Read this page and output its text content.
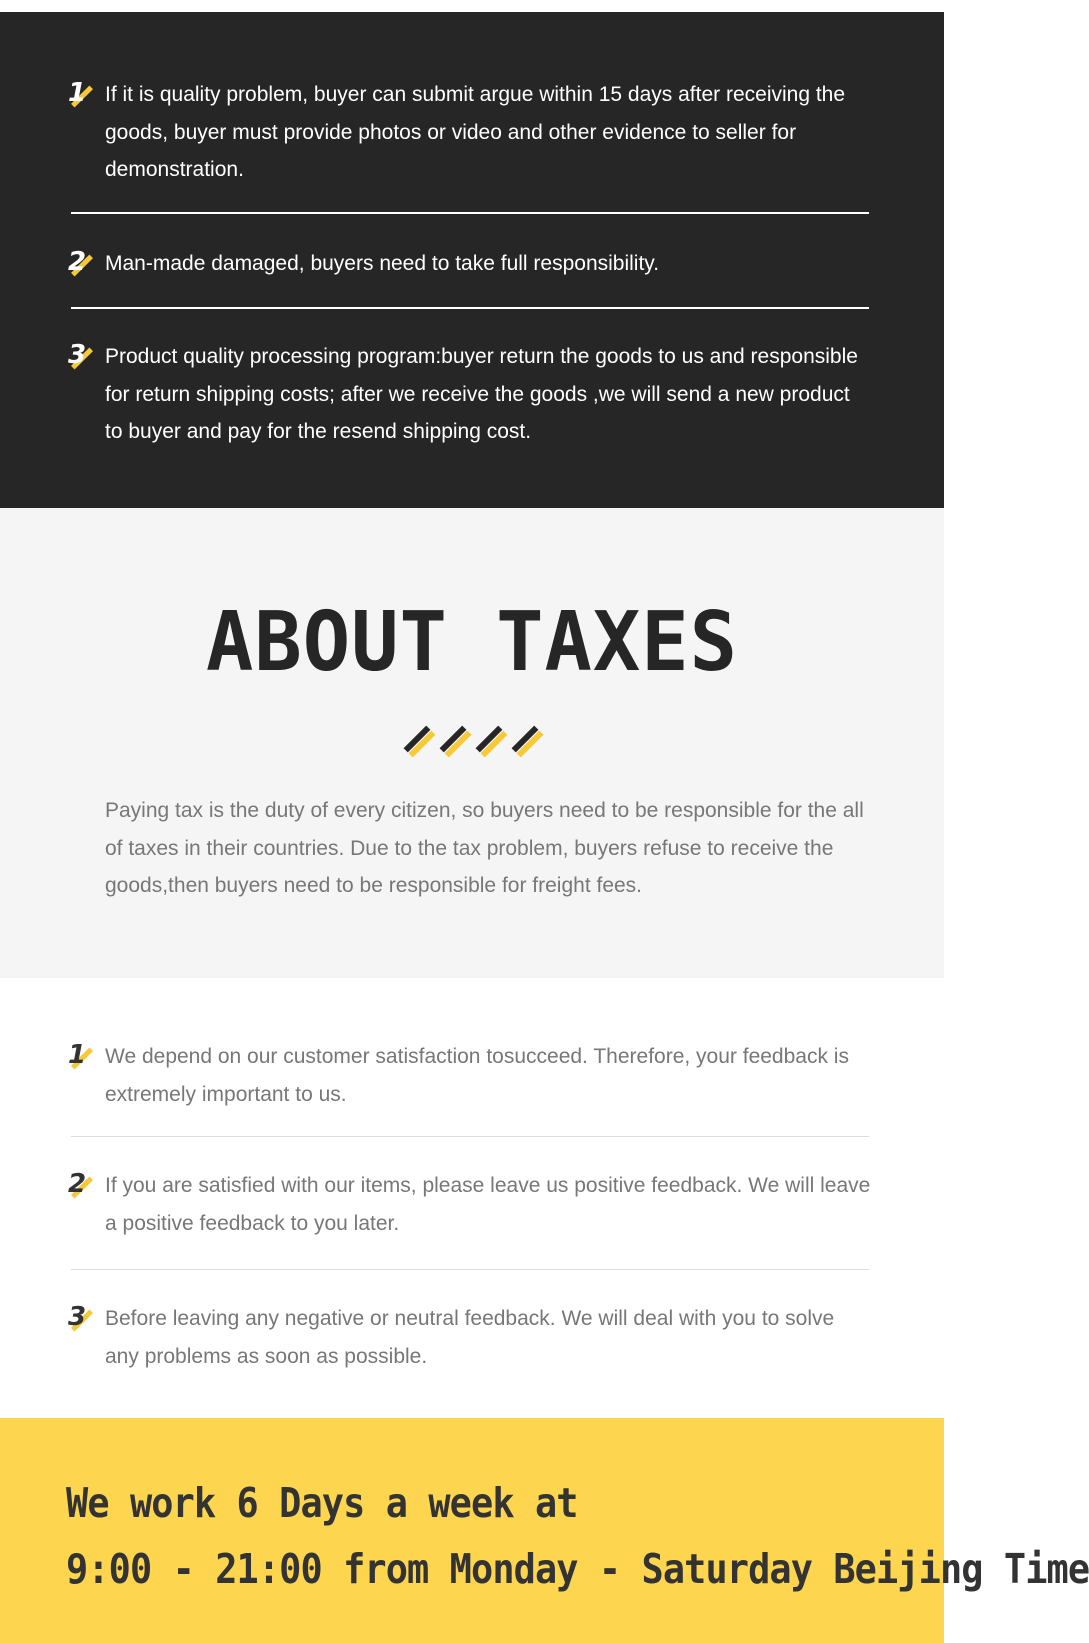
1 If it is quality problem, buyer can submit argue within 15 days after receiving the goods, buyer must provide photos or video and other evidence to seller for demonstration.

2 Man-made damaged, buyers need to take full responsibility.

3 Product quality processing program:buyer return the goods to us and responsible for return shipping costs; after we receive the goods ,we will send a new product to buyer and pay for the resend shipping cost.

ABOUT TAXES
Paying tax is the duty of every citizen, so buyers need to be responsible for the all of taxes in their countries. Due to the tax problem, buyers refuse to receive the goods,then buyers need to be responsible for freight fees.
1 We depend on our customer satisfaction tosucceed. Therefore, your feedback is extremely important to us.

2 If you are satisfied with our items, please leave us positive feedback. We will leave a positive feedback to you later.

3 Before leaving any negative or neutral feedback. We will deal with you to solve any problems as soon as possible.

We work 6 Days a week at
9:00 - 21:00 from Monday - Saturday Beijing Time
